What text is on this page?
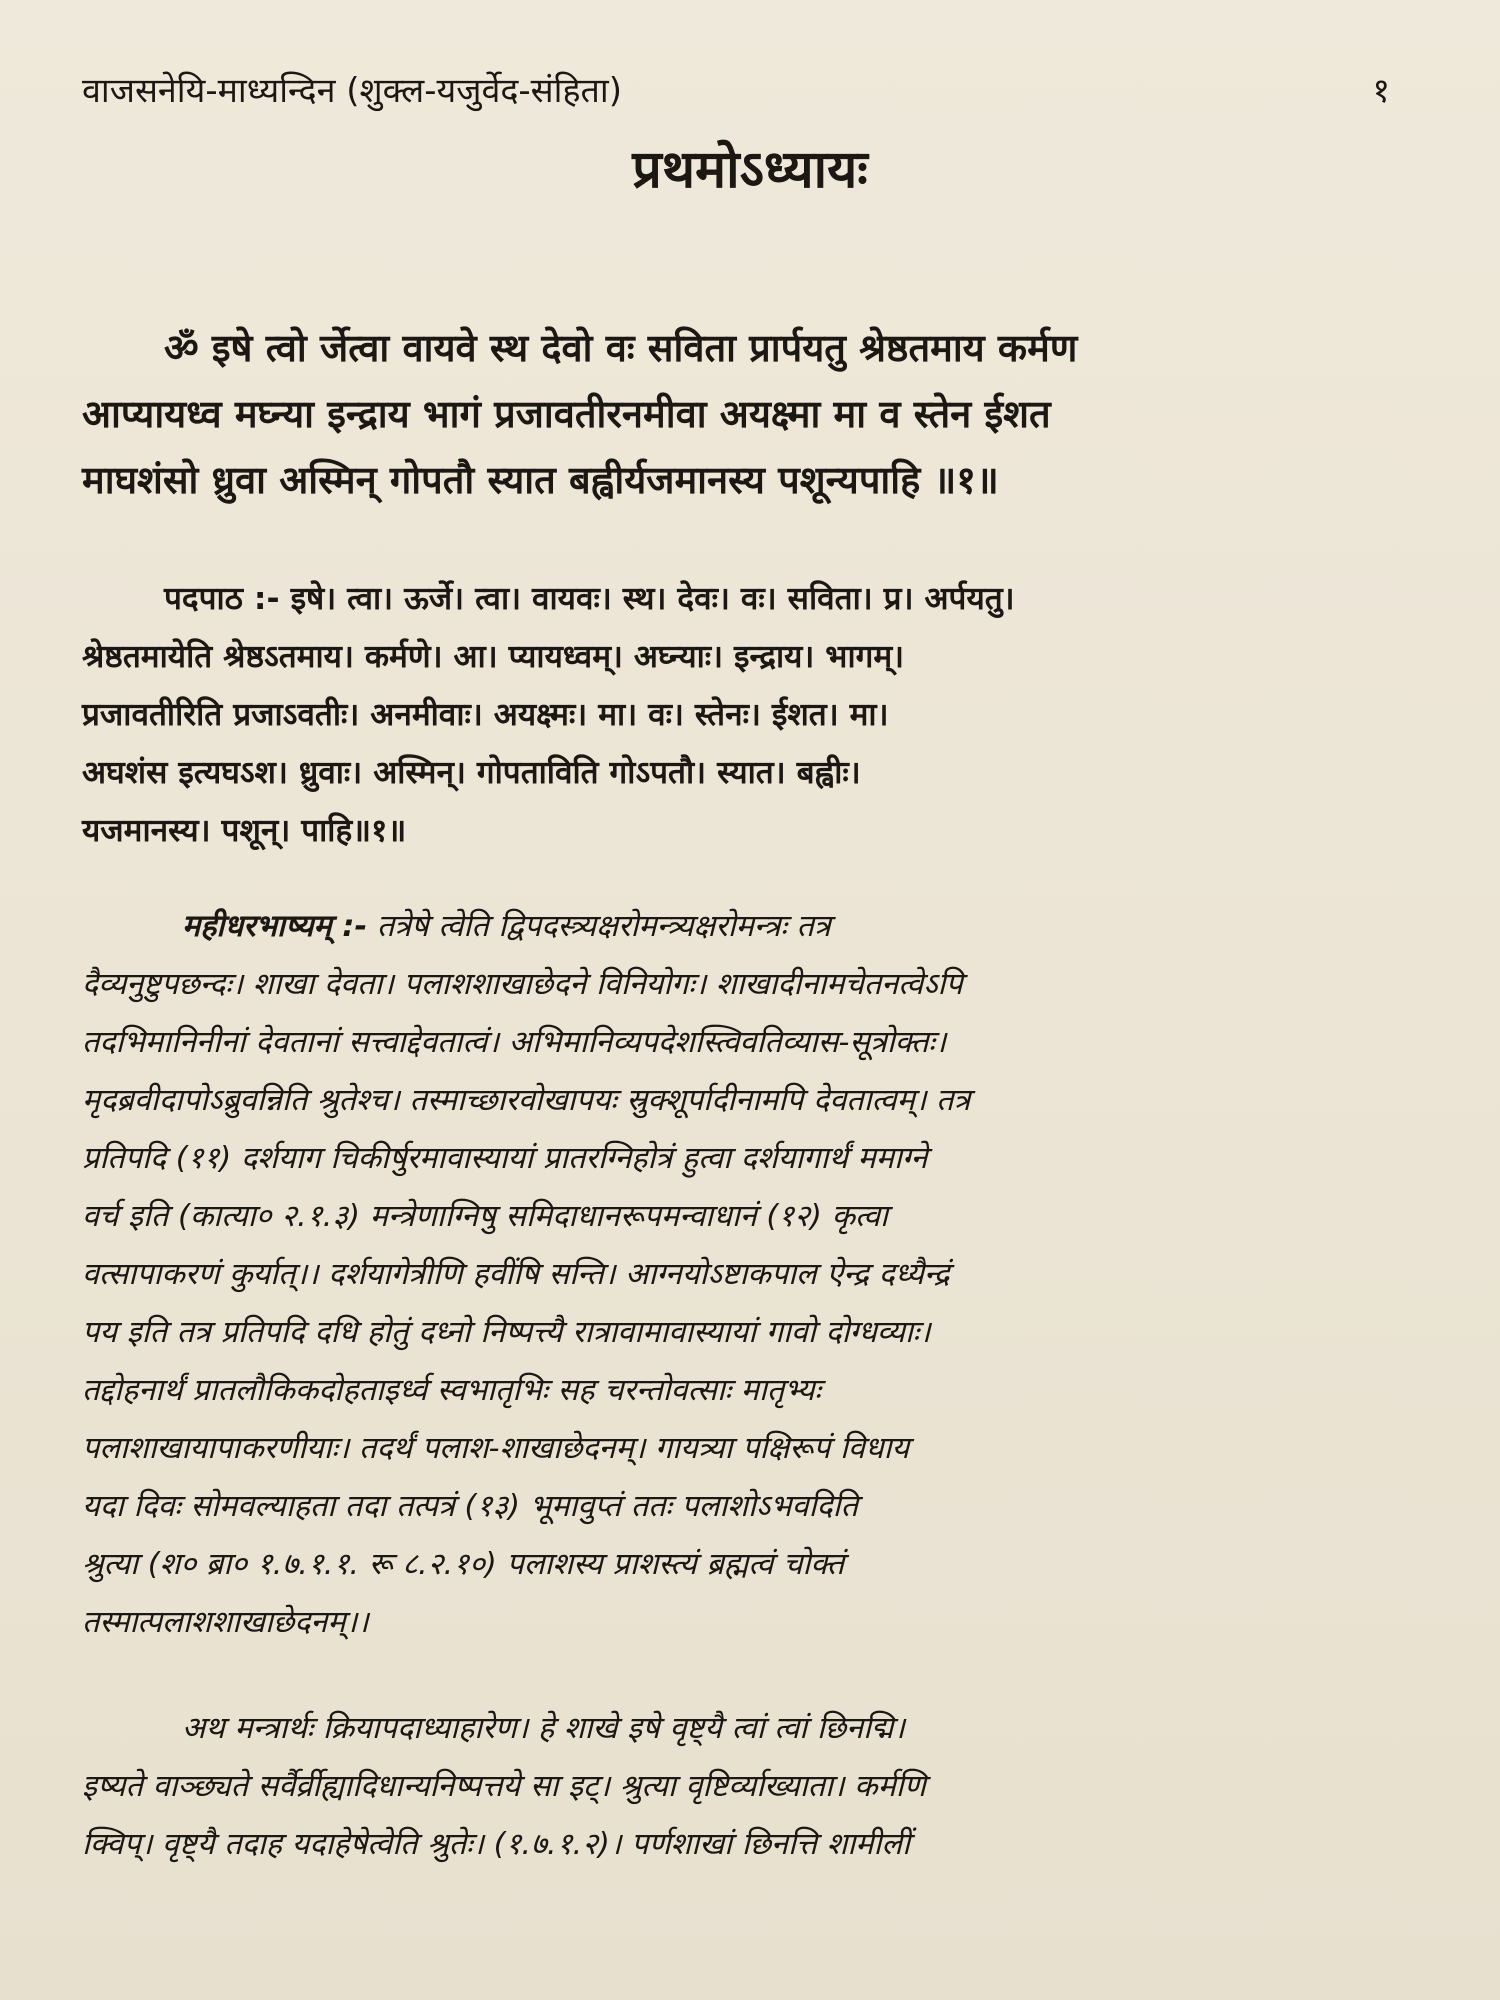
वाजसनेयि-माध्यन्दिन (शुक्ल-यजुर्वेद-संहिता)	१
प्रथमोऽध्यायः
ॐ इषे त्वो र्जेत्वा वायवे स्थ देवो वः सविता प्रार्पयतु श्रेष्ठतमाय कर्मण
आप्यायध्व मघ्न्या इन्द्राय भागं प्रजावतीरनमीवा अयक्ष्मा मा व स्तेन ईशत
माघशंसो ध्रुवा अस्मिन् गोपतौ स्यात बह्वीर्यजमानस्य पशून्यपाहि ॥१॥
पदपाठ :- इषे। त्वा। ऊर्जे। त्वा। वायवः। स्थ। देवः। वः। सविता। प्र। अर्पयतु।
श्रेष्ठतमायेति श्रेष्ठऽतमाय। कर्मणे। आ। प्यायध्वम्। अघ्न्याः। इन्द्राय। भागम्।
प्रजावतीरिति प्रजाऽवतीः। अनमीवाः। अयक्ष्मः। मा। वः। स्तेनः। ईशत। मा।
अघशंस इत्यघऽश। ध्रुवाः। अस्मिन्। गोपताविति गोऽपतौ। स्यात। बह्वीः।
यजमानस्य। पशून्। पाहि॥१॥
महीधरभाष्यम् :- तत्रेषे त्वेति द्विपदस्त्र्यक्षरोमन्त्र्यक्षरोमन्त्रः तत्र
दैव्यनुष्टुपछन्दः। शाखा देवता। पलाशशाखाछेदने विनियोगः। शाखादीनामचेतनत्वेऽपि
तदभिमानिनीनां देवतानां सत्त्वाद्देवतात्वं। अभिमानिव्यपदेशस्त्विवतिव्यास-सूत्रोक्तः।
मृदब्रवीदापोऽब्रुवन्निति श्रुतेश्च। तस्माच्छारवोखापयः स्रुक्शूर्पादीनामपि देवतात्वम्। तत्र
प्रतिपदि (११) दर्शयाग चिकीर्षुरमावास्यायां प्रातरग्निहोत्रं हुत्वा दर्शयागार्थं ममाग्ने
वर्च इति (कात्या० २.१.३) मन्त्रेणाग्निषु समिदाधानरूपमन्वाधानं (१२) कृत्वा
वत्सापाकरणं कुर्यात्।। दर्शयागेत्रीणि हवींषि सन्ति। आग्नयोऽष्टाकपाल ऐन्द्र दध्यैन्द्रं
पय इति तत्र प्रतिपदि दधि होतुं दध्नो निष्पत्त्यै रात्रावामावास्यायां गावो दोग्धव्याः।
तद्दोहनार्थं प्रातलौकिकदोहताइर्ध्व स्वभातृभिः सह चरन्तोवत्साः मातृभ्यः
पलाशाखायापाकरणीयाः। तदर्थं पलाश-शाखाछेदनम्। गायत्र्या पक्षिरूपं विधाय
यदा दिवः सोमवल्याहता तदा तत्पत्रं (१३) भूमावुप्तं ततः पलाशोऽभवदिति
श्रुत्या (श० ब्रा० १.७.१.१. रू ८.२.१०) पलाशस्य प्राशस्त्यं ब्रह्मत्वं चोक्तं
तस्मात्पलाशशाखाछेदनम्।।
अथ मन्त्रार्थः क्रियापदाध्याहारेण। हे शाखे इषे वृष्ट्यै त्वां त्वां छिनद्मि।
इष्यते वाञ्छ्यते सर्वैर्व्रीह्यादिधान्यनिष्पत्तये सा इट्। श्रुत्या वृष्टिर्व्याख्याता। कर्मणि
क्विप्। वृष्ट्यै तदाह यदाहेषेत्वेति श्रुतेः। (१.७.१.२)। पर्णशाखां छिनत्ति शामीलीं
